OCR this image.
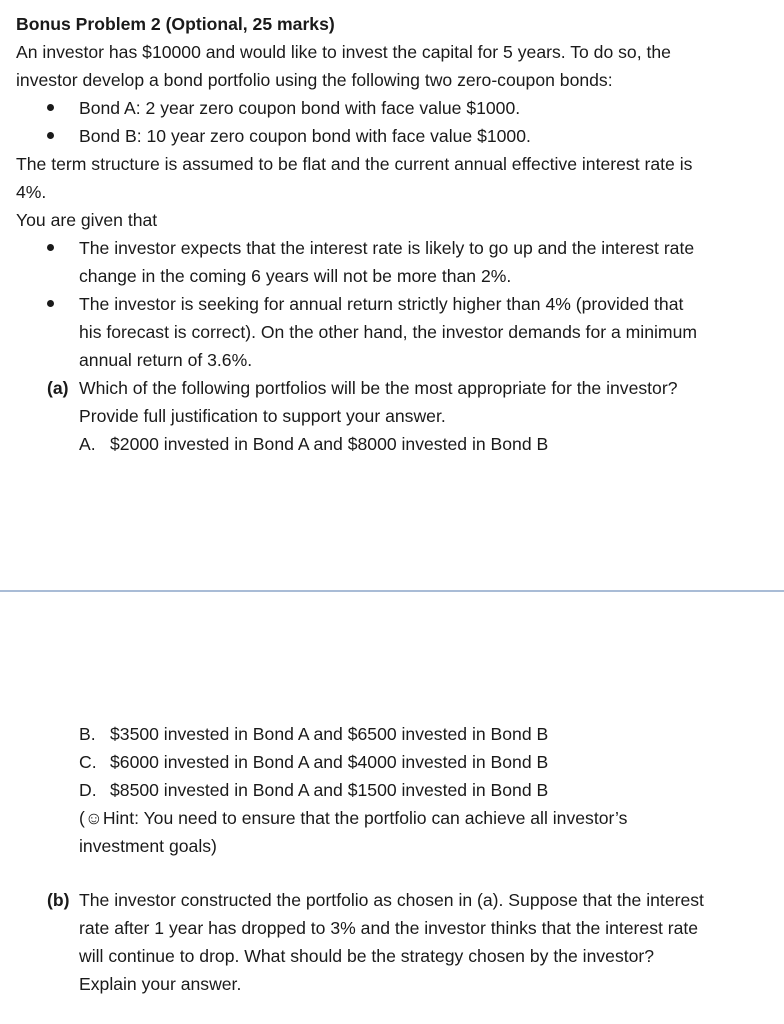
Bonus Problem 2 (Optional, 25 marks)
An investor has $10000 and would like to invest the capital for 5 years. To do so, the
investor develop a bond portfolio using the following two zero-coupon bonds:
Bond A: 2 year zero coupon bond with face value $1000.
Bond B: 10 year zero coupon bond with face value $1000.
The term structure is assumed to be flat and the current annual effective interest rate is
4%.
You are given that
The investor expects that the interest rate is likely to go up and the interest rate
change in the coming 6 years will not be more than 2%.
The investor is seeking for annual return strictly higher than 4% (provided that
his forecast is correct). On the other hand, the investor demands for a minimum
annual return of 3.6%.
(a) Which of the following portfolios will be the most appropriate for the investor?
Provide full justification to support your answer.
A. $2000 invested in Bond A and $8000 invested in Bond B
B. $3500 invested in Bond A and $6500 invested in Bond B
C. $6000 invested in Bond A and $4000 invested in Bond B
D. $8500 invested in Bond A and $1500 invested in Bond B
(☺Hint: You need to ensure that the portfolio can achieve all investor’s
investment goals)
(b) The investor constructed the portfolio as chosen in (a). Suppose that the interest
rate after 1 year has dropped to 3% and the investor thinks that the interest rate
will continue to drop. What should be the strategy chosen by the investor?
Explain your answer.
